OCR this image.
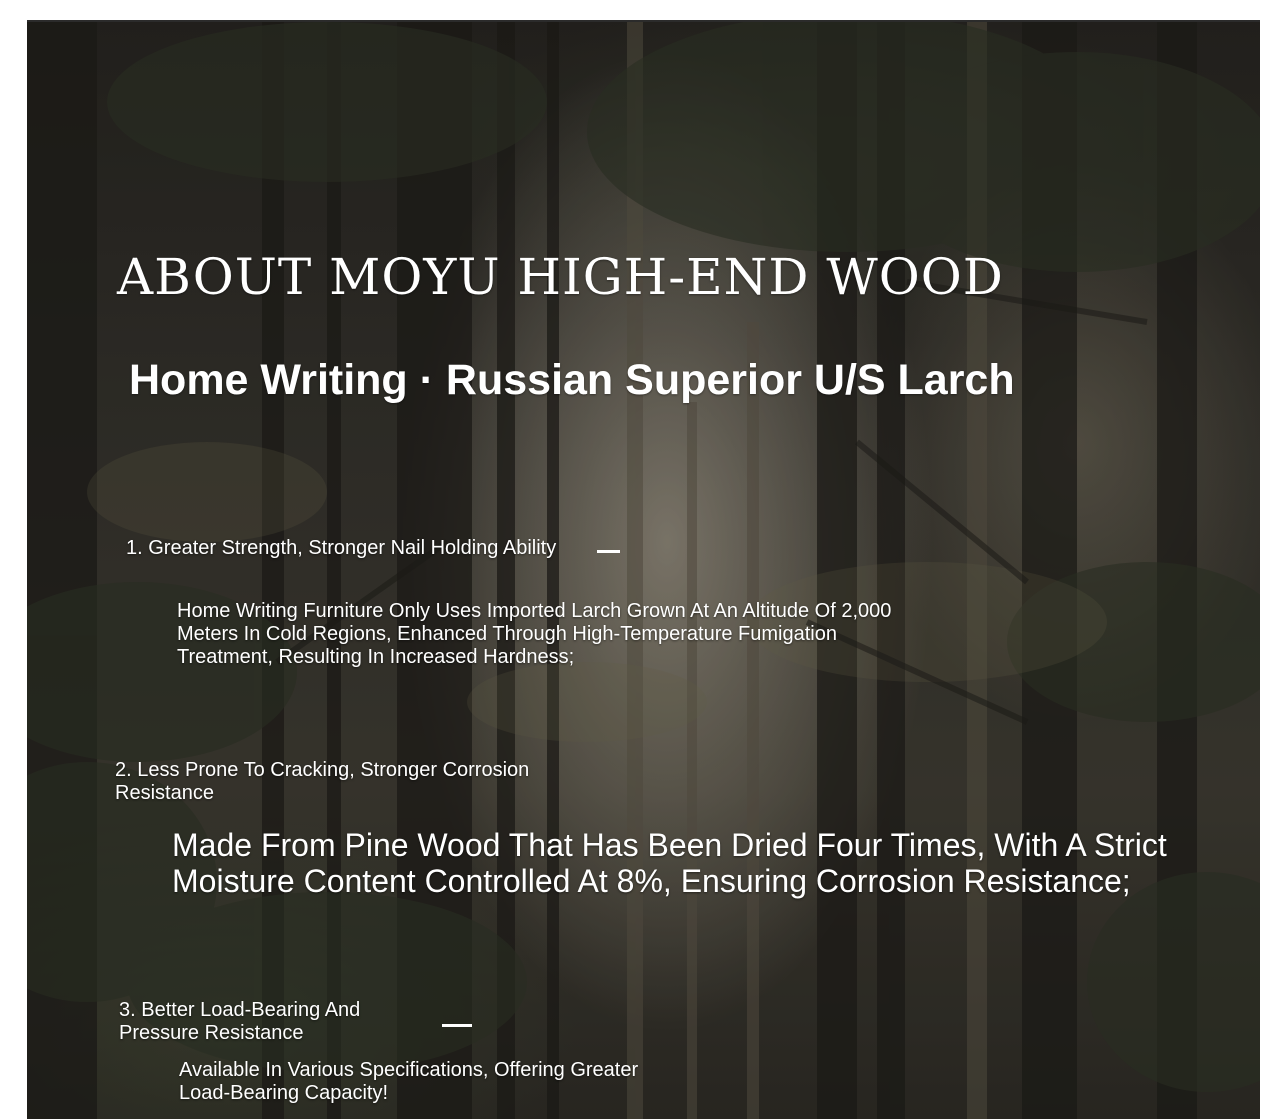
ABOUT MOYU HIGH-END WOOD
Home Writing · Russian Superior U/S Larch
1. Greater Strength, Stronger Nail Holding Ability
Home Writing Furniture Only Uses Imported Larch Grown At An Altitude Of 2,000 Meters In Cold Regions, Enhanced Through High-Temperature Fumigation Treatment, Resulting In Increased Hardness;
2. Less Prone To Cracking, Stronger Corrosion Resistance
Made From Pine Wood That Has Been Dried Four Times, With A Strict Moisture Content Controlled At 8%, Ensuring Corrosion Resistance;
3. Better Load-Bearing And Pressure Resistance
Available In Various Specifications, Offering Greater Load-Bearing Capacity!
